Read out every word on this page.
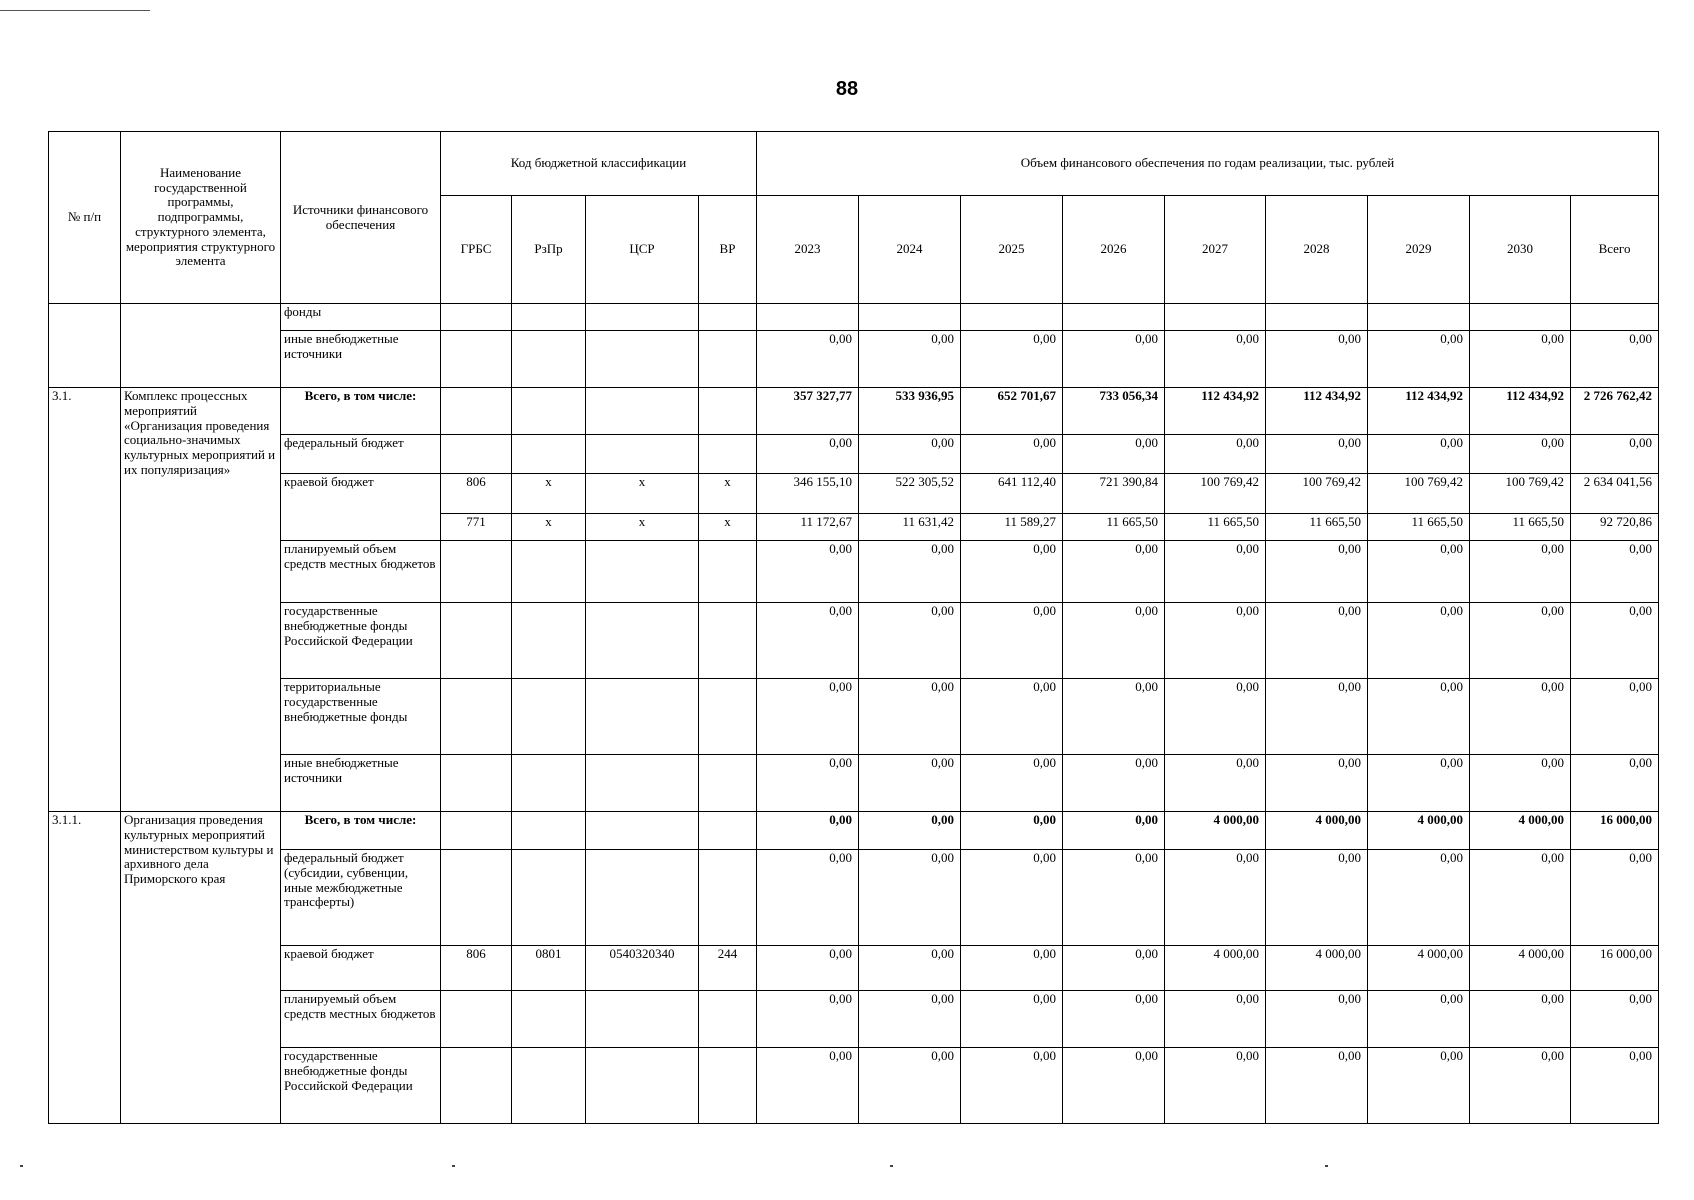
88
№ п/п	Наименование государственной программы, подпрограммы, структурного элемента, мероприятия структурного элемента	Источники финансового обеспечения	Код бюджетной классификации				Объем финансового обеспечения по годам реализации, тыс. рублей								
			ГРБС	РзПр	ЦСР	ВР	2023	2024	2025	2026	2027	2028	2029	2030	Всего
		фонды													
		иные внебюджетные источники					0,00	0,00	0,00	0,00	0,00	0,00	0,00	0,00	0,00
3.1.	Комплекс процессных мероприятий «Организация проведения социально-значимых культурных мероприятий и их популяризация»	Всего, в том числе:					357 327,77	533 936,95	652 701,67	733 056,34	112 434,92	112 434,92	112 434,92	112 434,92	2 726 762,42
		федеральный бюджет					0,00	0,00	0,00	0,00	0,00	0,00	0,00	0,00	0,00
		краевой бюджет	806	х	х	х	346 155,10	522 305,52	641 112,40	721 390,84	100 769,42	100 769,42	100 769,42	100 769,42	2 634 041,56
			771	х	х	х	11 172,67	11 631,42	11 589,27	11 665,50	11 665,50	11 665,50	11 665,50	11 665,50	92 720,86
		планируемый объем средств местных бюджетов					0,00	0,00	0,00	0,00	0,00	0,00	0,00	0,00	0,00
		государственные внебюджетные фонды Российской Федерации					0,00	0,00	0,00	0,00	0,00	0,00	0,00	0,00	0,00
		территориальные государственные внебюджетные фонды					0,00	0,00	0,00	0,00	0,00	0,00	0,00	0,00	0,00
		иные внебюджетные источники					0,00	0,00	0,00	0,00	0,00	0,00	0,00	0,00	0,00
3.1.1.	Организация проведения культурных мероприятий министерством культуры и архивного дела Приморского края	Всего, в том числе:					0,00	0,00	0,00	0,00	4 000,00	4 000,00	4 000,00	4 000,00	16 000,00
		федеральный бюджет (субсидии, субвенции, иные межбюджетные трансферты)					0,00	0,00	0,00	0,00	0,00	0,00	0,00	0,00	0,00
		краевой бюджет	806	0801	0540320340	244	0,00	0,00	0,00	0,00	4 000,00	4 000,00	4 000,00	4 000,00	16 000,00
		планируемый объем средств местных бюджетов					0,00	0,00	0,00	0,00	0,00	0,00	0,00	0,00	0,00
		государственные внебюджетные фонды Российской Федерации					0,00	0,00	0,00	0,00	0,00	0,00	0,00	0,00	0,00
